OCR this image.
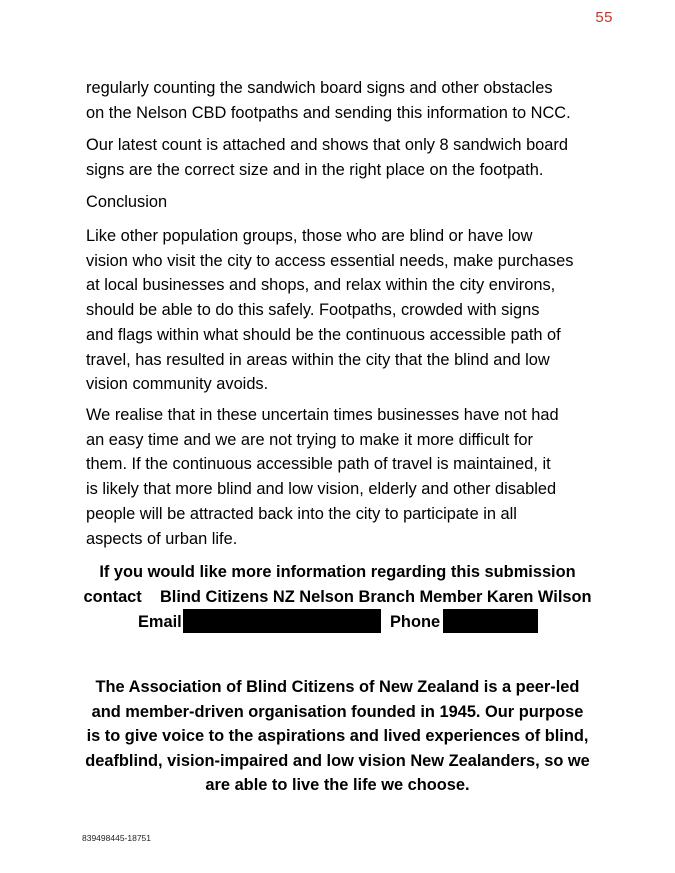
55
regularly counting the sandwich board signs and other obstacles
on the Nelson CBD footpaths and sending this information to NCC.
Our latest count is attached and shows that only 8 sandwich board
signs are the correct size and in the right place on the footpath.
Conclusion
Like other population groups, those who are blind or have low
vision who visit the city to access essential needs, make purchases
at local businesses and shops, and relax within the city environs,
should be able to do this safely. Footpaths, crowded with signs
and flags within what should be the continuous accessible path of
travel, has resulted in areas within the city that the blind and low
vision community avoids.
We realise that in these uncertain times businesses have not had
an easy time and we are not trying to make it more difficult for
them. If the continuous accessible path of travel is maintained, it
is likely that more blind and low vision, elderly and other disabled
people will be attracted back into the city to participate in all
aspects of urban life.
If you would like more information regarding this submission
contact    Blind Citizens NZ Nelson Branch Member Karen Wilson
Email	Phone
The Association of Blind Citizens of New Zealand is a peer-led
and member-driven organisation founded in 1945. Our purpose
is to give voice to the aspirations and lived experiences of blind,
deafblind, vision-impaired and low vision New Zealanders, so we
are able to live the life we choose.
839498445-18751
